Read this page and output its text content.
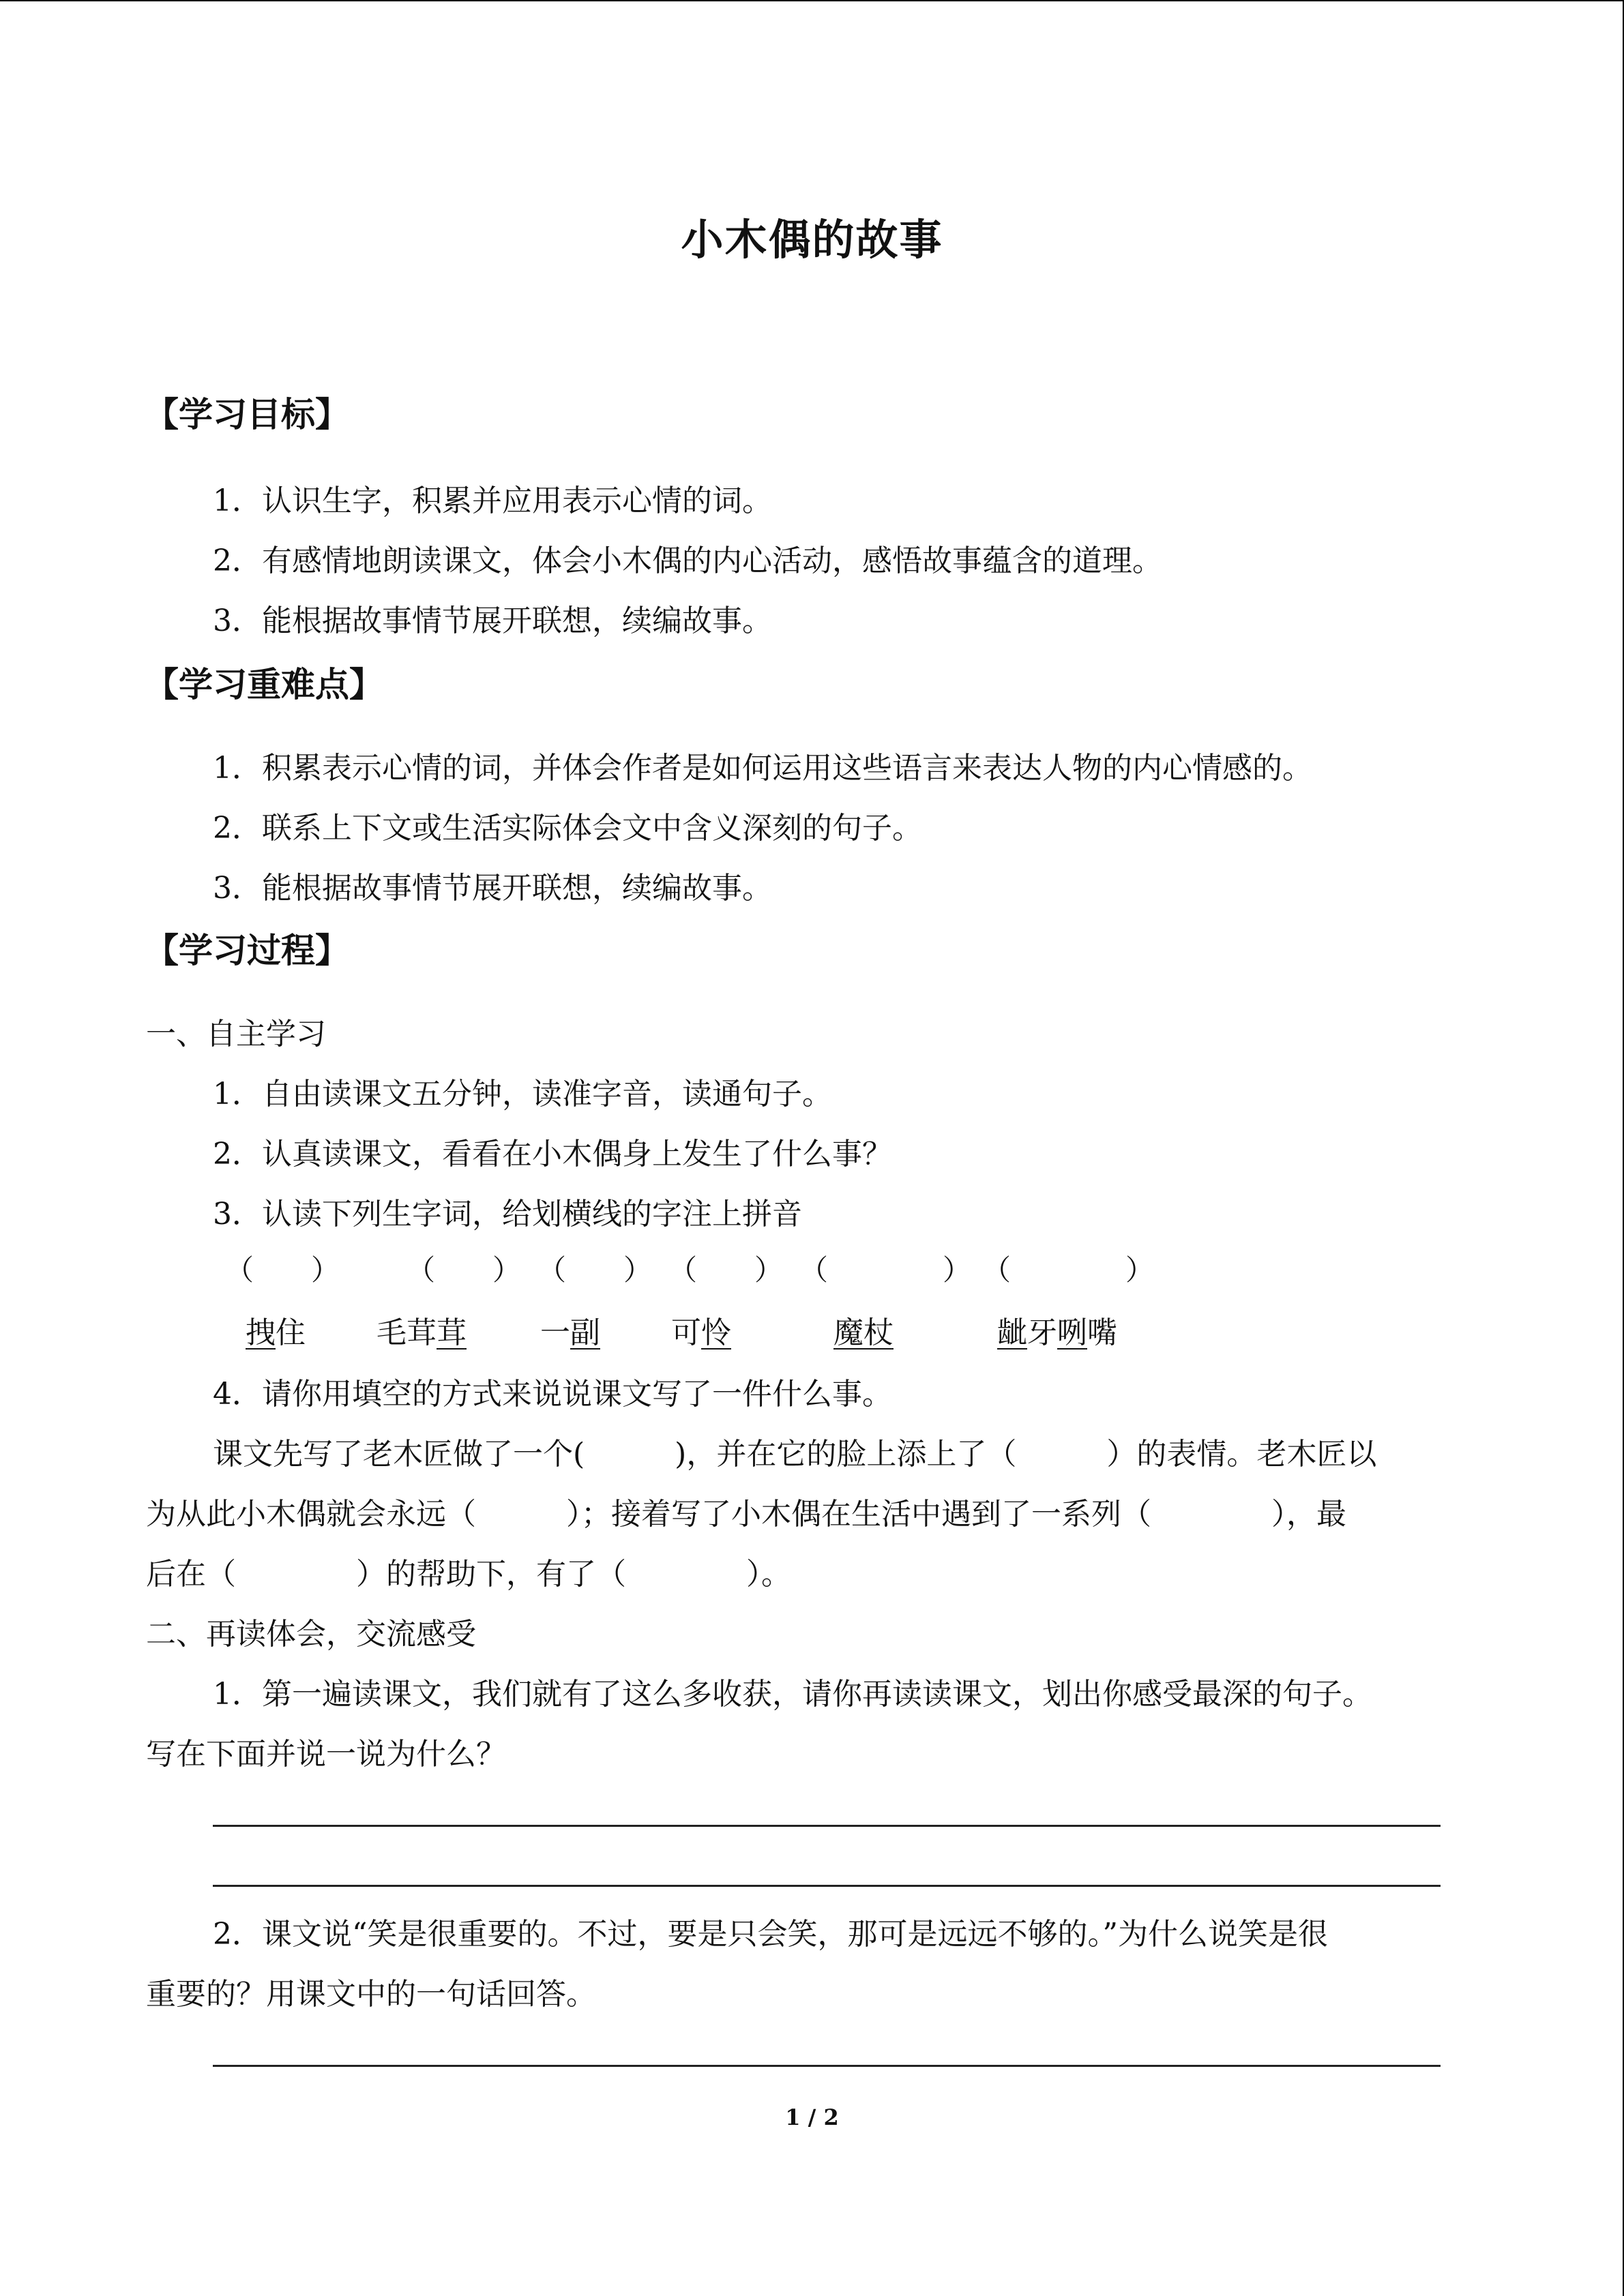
小木偶的故事
【学习目标】
1．认识生字，积累并应用表示心情的词。
2．有感情地朗读课文，体会小木偶的内心活动，感悟故事蕴含的道理。
3．能根据故事情节展开联想，续编故事。
【学习重难点】
1．积累表示心情的词，并体会作者是如何运用这些语言来表达人物的内心情感的。
2．联系上下文或生活实际体会文中含义深刻的句子。
3．能根据故事情节展开联想，续编故事。
【学习过程】
一、自主学习
1．自由读课文五分钟，读准字音，读通句子。
2．认真读课文，看看在小木偶身上发生了什么事？
3．认读下列生字词，给划横线的字注上拼音
（　　） （　　） （　　） （　　） （　　　　） （　　　　）
拽住 毛茸茸 一副 可怜	魔杖	龇牙咧嘴
4．请你用填空的方式来说说课文写了一件什么事。
课文先写了老木匠做了一个(　　　)，并在它的脸上添上了（　　　）的表情。老木匠以
为从此小木偶就会永远（　　　）；接着写了小木偶在生活中遇到了一系列（　　　　），最
后在（　　　　）的帮助下，有了（　　　　）。
二、再读体会，交流感受
1．第一遍读课文，我们就有了这么多收获，请你再读读课文，划出你感受最深的句子。
写在下面并说一说为什么？
2．课文说“笑是很重要的。不过，要是只会笑，那可是远远不够的。”为什么说笑是很
重要的？用课文中的一句话回答。
1 / 2
